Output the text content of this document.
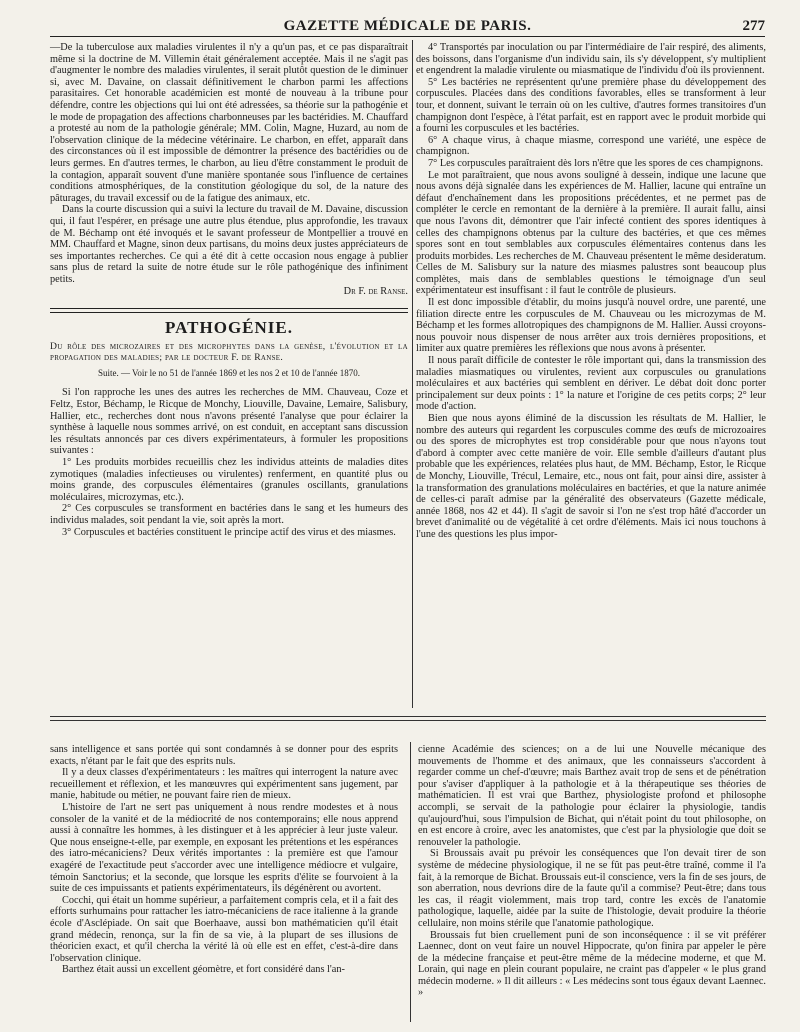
GAZETTE MÉDICALE DE PARIS.	277

—De la tuberculose aux maladies virulentes il n'y a qu'un pas, et ce pas disparaîtrait même si la doctrine de M. Villemin était généralement acceptée. Mais il ne s'agit pas d'augmenter le nombre des maladies virulentes, il serait plutôt question de le diminuer si, avec M. Davaine, on classait définitivement le charbon parmi les affections parasitaires. Cet honorable académicien est monté de nouveau à la tribune pour défendre, contre les objections qui lui ont été adressées, sa théorie sur la pathogénie et le mode de propagation des affections charbonneuses par les bactéridies. M. Chauffard a protesté au nom de la pathologie générale; MM. Colin, Magne, Huzard, au nom de l'observation clinique de la médecine vétérinaire. Le charbon, en effet, apparaît dans des circonstances où il est impossible de démontrer la présence des bactéridies ou de leurs germes. En d'autres termes, le charbon, au lieu d'être constamment le produit de la contagion, apparaît souvent d'une manière spontanée sous l'influence de certaines conditions atmosphériques, de la constitution géologique du sol, de la nature des pâturages, du travail excessif ou de la fatigue des animaux, etc.

Dans la courte discussion qui a suivi la lecture du travail de M. Davaine, discussion qui, il faut l'espérer, en présage une autre plus étendue, plus approfondie, les travaux de M. Béchamp ont été invoqués et le savant professeur de Montpellier a trouvé en MM. Chauffard et Magne, sinon deux partisans, du moins deux justes appréciateurs de ses importantes recherches. Ce qui a été dit à cette occasion nous engage à publier sans plus de retard la suite de notre étude sur le rôle pathogénique des infiniment petits.

Dr F. de Ranse.
PATHOGÉNIE.
Du rôle des microzaires et des microphytes dans la genèse, l'évolution et la propagation des maladies; par le docteur F. de Ranse.
Suite. — Voir le no 51 de l'année 1869 et les nos 2 et 10 de l'année 1870.

Si l'on rapproche les unes des autres les recherches de MM. Chauveau, Coze et Feltz, Estor, Béchamp, le Ricque de Monchy, Liouville, Davaine, Lemaire, Salisbury, Hallier, etc., recherches dont nous n'avons présenté l'analyse que pour éclairer la synthèse à laquelle nous sommes arrivé, on est conduit, en acceptant sans discussion les résultats annoncés par ces divers expérimentateurs, à formuler les propositions suivantes :

1° Les produits morbides recueillis chez les individus atteints de maladies dites zymotiques (maladies infectieuses ou virulentes) renferment, en quantité plus ou moins grande, des corpuscules élémentaires (granules oscillants, granulations moléculaires, microzymas, etc.).

2° Ces corpuscules se transforment en bactéries dans le sang et les humeurs des individus malades, soit pendant la vie, soit après la mort.

3° Corpuscules et bactéries constituent le principe actif des virus et des miasmes.

4° Transportés par inoculation ou par l'intermédiaire de l'air respiré, des aliments, des boissons, dans l'organisme d'un individu sain, ils s'y développent, s'y multiplient et engendrent la maladie virulente ou miasmatique de l'individu d'où ils proviennent.

5° Les bactéries ne représentent qu'une première phase du développement des corpuscules. Placées dans des conditions favorables, elles se transforment à leur tour, et donnent, suivant le terrain où on les cultive, d'autres formes transitoires d'un champignon dont l'espèce, à l'état parfait, est en rapport avec le produit morbide qui a fourni les corpuscules et les bactéries.

6° A chaque virus, à chaque miasme, correspond une variété, une espèce de champignon.

7° Les corpuscules paraîtraient dès lors n'être que les spores de ces champignons.

Le mot paraîtraient, que nous avons souligné à dessein, indique une lacune que nous avons déjà signalée dans les expériences de M. Hallier, lacune qui entraîne un défaut d'enchaînement dans les propositions précédentes, et ne permet pas de compléter le cercle en remontant de la dernière à la première. Il aurait fallu, ainsi que nous l'avons dit, démontrer que l'air infecté contient des spores identiques à celles des champignons obtenus par la culture des bactéries, et que ces mêmes spores sont en tout semblables aux corpuscules élémentaires contenus dans les produits morbides. Les recherches de M. Chauveau présentent le même desideratum. Celles de M. Salisbury sur la nature des miasmes palustres sont beaucoup plus complètes, mais dans de semblables questions le témoignage d'un seul expérimentateur est insuffisant : il faut le contrôle de plusieurs.

Il est donc impossible d'établir, du moins jusqu'à nouvel ordre, une parenté, une filiation directe entre les corpuscules de M. Chauveau ou les microzymas de M. Béchamp et les formes allotropiques des champignons de M. Hallier. Aussi croyons-nous pouvoir nous dispenser de nous arrêter aux trois dernières propositions, et limiter aux quatre premières les réflexions que nous avons à présenter.

Il nous paraît difficile de contester le rôle important qui, dans la transmission des maladies miasmatiques ou virulentes, revient aux corpuscules ou granulations moléculaires et aux bactéries qui semblent en dériver. Le débat doit donc porter principalement sur deux points : 1° la nature et l'origine de ces petits corps; 2° leur mode d'action.

Bien que nous ayons éliminé de la discussion les résultats de M. Hallier, le nombre des auteurs qui regardent les corpuscules comme des œufs de microzoaires ou des spores de microphytes est trop considérable pour que nous n'ayons tout d'abord à compter avec cette manière de voir. Elle semble d'ailleurs d'autant plus probable que les expériences, relatées plus haut, de MM. Béchamp, Estor, le Ricque de Monchy, Liouville, Trécul, Lemaire, etc., nous ont fait, pour ainsi dire, assister à la transformation des granulations moléculaires en bactéries, et que la nature animée de celles-ci paraît admise par la généralité des observateurs (Gazette médicale, année 1868, nos 42 et 44). Il s'agit de savoir si l'on ne s'est trop hâté d'accorder un brevet d'animalité ou de végétalité à cet ordre d'éléments. Mais ici nous touchons à l'une des questions les plus impor-

sans intelligence et sans portée qui sont condamnés à se donner pour des esprits exacts, n'étant par le fait que des esprits nuls.

Il y a deux classes d'expérimentateurs : les maîtres qui interrogent la nature avec recueillement et réflexion, et les manœuvres qui expérimentent sans jugement, par manie, habitude ou métier, ne pouvant faire rien de mieux.

L'histoire de l'art ne sert pas uniquement à nous rendre modestes et à nous consoler de la vanité et de la médiocrité de nos contemporains; elle nous apprend aussi à connaître les hommes, à les distinguer et à les apprécier à leur juste valeur. Que nous enseigne-t-elle, par exemple, en exposant les prétentions et les espérances des iatro-mécaniciens? Deux vérités importantes : la première est que l'amour exagéré de l'exactitude peut s'accorder avec une intelligence médiocre et vulgaire, témoin Sanctorius; et la seconde, que lorsque les esprits d'élite se fourvoient à la suite de ces impuissants et patients expérimentateurs, ils dégénèrent ou avortent.

Cocchi, qui était un homme supérieur, a parfaitement compris cela, et il a fait des efforts surhumains pour rattacher les iatro-mécaniciens de race italienne à la grande école d'Asclépiade. On sait que Boerhaave, aussi bon mathématicien qu'il était grand médecin, renonça, sur la fin de sa vie, à la plupart de ses illusions de théoricien exact, et qu'il chercha la vérité là où elle est en effet, c'est-à-dire dans l'observation clinique.

Barthez était aussi un excellent géomètre, et fort considéré dans l'an-

cienne Académie des sciences; on a de lui une Nouvelle mécanique des mouvements de l'homme et des animaux, que les connaisseurs s'accordent à regarder comme un chef-d'œuvre; mais Barthez avait trop de sens et de pénétration pour s'aviser d'appliquer à la pathologie et à la thérapeutique ses théories de mathématicien. Il est vrai que Barthez, physiologiste profond et philosophe accompli, se servait de la pathologie pour éclairer la physiologie, tandis qu'aujourd'hui, sous l'impulsion de Bichat, qui n'était point du tout philosophe, on en est encore à croire, avec les anatomistes, que c'est par la physiologie que doit se renouveler la pathologie.

Si Broussais avait pu prévoir les conséquences que l'on devait tirer de son système de médecine physiologique, il ne se fût pas peut-être traîné, comme il l'a fait, à la remorque de Bichat. Broussais eut-il conscience, vers la fin de ses jours, de son aberration, nous devrions dire de la faute qu'il a commise? Peut-être; dans tous les cas, il réagit violemment, mais trop tard, contre les excès de l'anatomie pathologique, laquelle, aidée par la suite de l'histologie, devait produire la théorie cellulaire, non moins stérile que l'anatomie pathologique.

Broussais fut bien cruellement puni de son inconséquence : il se vit préférer Laennec, dont on veut faire un nouvel Hippocrate, qu'on finira par appeler le père de la médecine française et peut-être même de la médecine moderne, et que M. Lorain, qui nage en plein courant populaire, ne craint pas d'appeler « le plus grand médecin moderne. » Il dit ailleurs : « Les médecins sont tous égaux devant Laennec. »
